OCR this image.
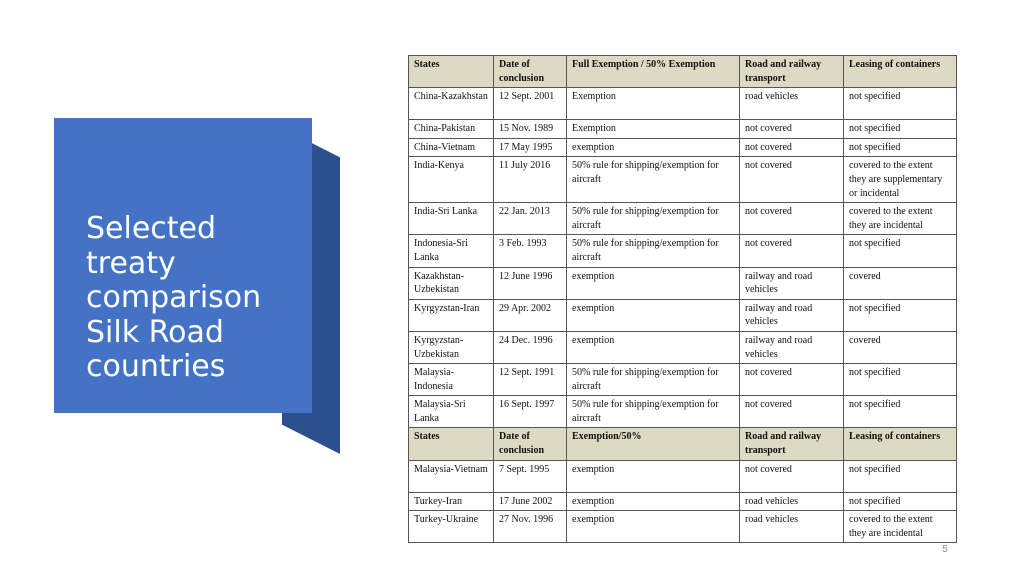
Selected
treaty
comparison
Silk Road
countries
States	Date of conclusion	Full Exemption / 50% Exemption	Road and railway transport	Leasing of containers
China-Kazakhstan	12 Sept. 2001	Exemption	road vehicles	not specified
China-Pakistan	15 Nov. 1989	Exemption	not covered	not specified
China-Vietnam	17 May 1995	exemption	not covered	not specified
India-Kenya	11 July 2016	50% rule for shipping/exemption for aircraft	not covered	covered to the extent they are supplementary or incidental
India-Sri Lanka	22 Jan. 2013	50% rule for shipping/exemption for aircraft	not covered	covered to the extent they are incidental
Indonesia-Sri Lanka	3 Feb. 1993	50% rule for shipping/exemption for aircraft	not covered	not specified
Kazakhstan-Uzbekistan	12 June 1996	exemption	railway and road vehicles	covered
Kyrgyzstan-Iran	29 Apr. 2002	exemption	railway and road vehicles	not specified
Kyrgyzstan-Uzbekistan	24 Dec. 1996	exemption	railway and road vehicles	covered
Malaysia-Indonesia	12 Sept. 1991	50% rule for shipping/exemption for aircraft	not covered	not specified
Malaysia-Sri Lanka	16 Sept. 1997	50% rule for shipping/exemption for aircraft	not covered	not specified
States	Date of conclusion	Exemption/50%	Road and railway transport	Leasing of containers
Malaysia-Vietnam	7 Sept. 1995	exemption	not covered	not specified
Turkey-Iran	17 June 2002	exemption	road vehicles	not specified
Turkey-Ukraine	27 Nov. 1996	exemption	road vehicles	covered to the extent they are incidental
5
